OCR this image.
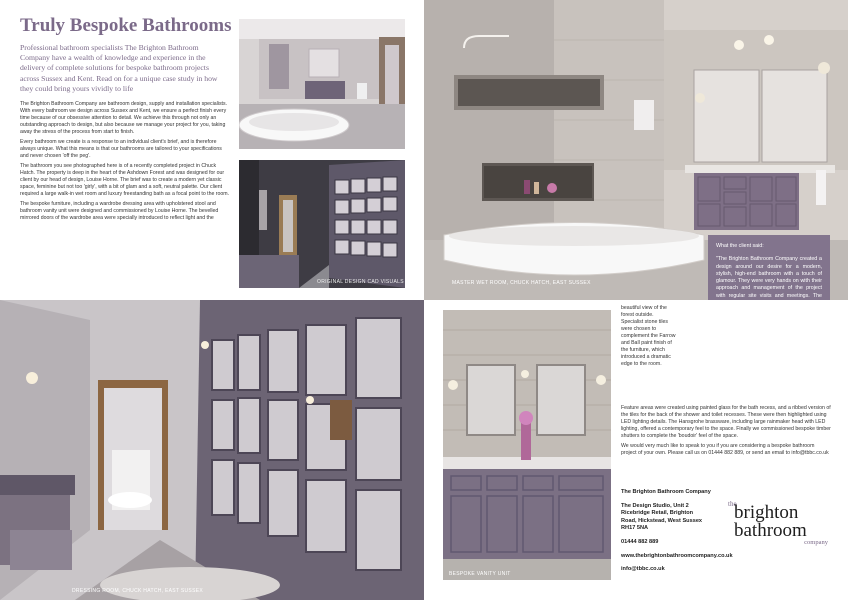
Truly Bespoke Bathrooms
Professional bathroom specialists The Brighton Bathroom Company have a wealth of knowledge and experience in the delivery of complete solutions for bespoke bathroom projects across Sussex and Kent. Read on for a unique case study in how they could bring yours vividly to life

The Brighton Bathroom Company are bathroom design, supply and installation specialists. With every bathroom we design across Sussex and Kent, we ensure a perfect finish every time because of our obsessive attention to detail. We achieve this through not only an outstanding approach to design, but also because we manage your project for you, taking away the stress of the process from start to finish.

Every bathroom we create is a response to an individual client's brief, and is therefore always unique. What this means is that our bathrooms are tailored to your specifications and never chosen 'off the peg'.

The bathroom you see photographed here is of a recently completed project in Chuck Hatch. The property is deep in the heart of the Ashdown Forest and was designed for our client by our head of design, Louise Horne. The brief was to create a modern yet classic space, feminine but not too 'girly', with a bit of glam and a soft, neutral palette. Our client required a large walk-in wet room and luxury freestanding bath as a focal point to the room.

The bespoke furniture, including a wardrobe dressing area with upholstered stool and bathroom vanity unit were designed and commissioned by Louise Horne. The bevelled mirrored doors of the wardrobe area were specially introduced to reflect light and the

ORIGINAL DESIGN CAD VISUALS	MASTER WET ROOM, CHUCK HATCH, EAST SUSSEX
What the client said:
"The Brighton Bathroom Company created a design around our desire for a modern, stylish, high-end bathroom with a touch of glamour. They were very hands on with their approach and management of the project with regular site visits and meetings. The
DRESSING ROOM, CHUCK HATCH, EAST SUSSEX
BESPOKE VANITY UNIT
beautiful view of the forest outside. Specialist stone tiles were chosen to complement the Farrow and Ball paint finish of the furniture, which introduced a dramatic edge to the room.

Feature areas were created using painted glass for the bath recess, and a ribbed version of the tiles for the back of the shower and toilet recesses. These were then highlighted using LED lighting details. The Hansgrohe brassware, including large rainmaker head with LED lighting, offered a contemporary feel to the space. Finally we commissioned bespoke timber shutters to complete the 'boudoir' feel of the space.

We would very much like to speak to you if you are considering a bespoke bathroom project of your own. Please call us on 01444 882 889, or send an email to info@tbbc.co.uk

The Brighton Bathroom Company
The Design Studio, Unit 2
Ricebridge Retail, Brighton
Road, Hickstead, West Sussex
RH17 5NA
01444 882 889
www.thebrightonbathroomcompany.co.uk
info@tbbc.co.uk
the
brighton
bathroom
company
